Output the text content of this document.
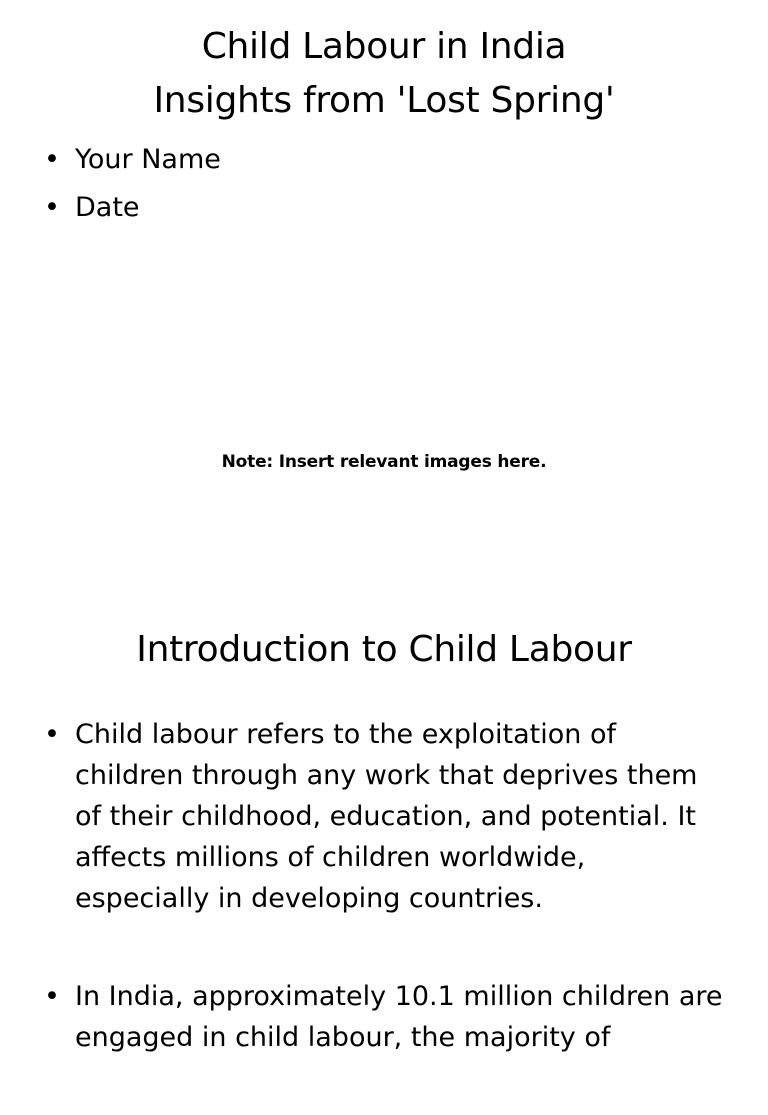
Child Labour in India
Insights from 'Lost Spring'
• Your Name
• Date
Note: Insert relevant images here.
Introduction to Child Labour
• Child labour refers to the exploitation of children through any work that deprives them of their childhood, education, and potential. It affects millions of children worldwide, especially in developing countries.
• In India, approximately 10.1 million children are engaged in child labour, the majority of
